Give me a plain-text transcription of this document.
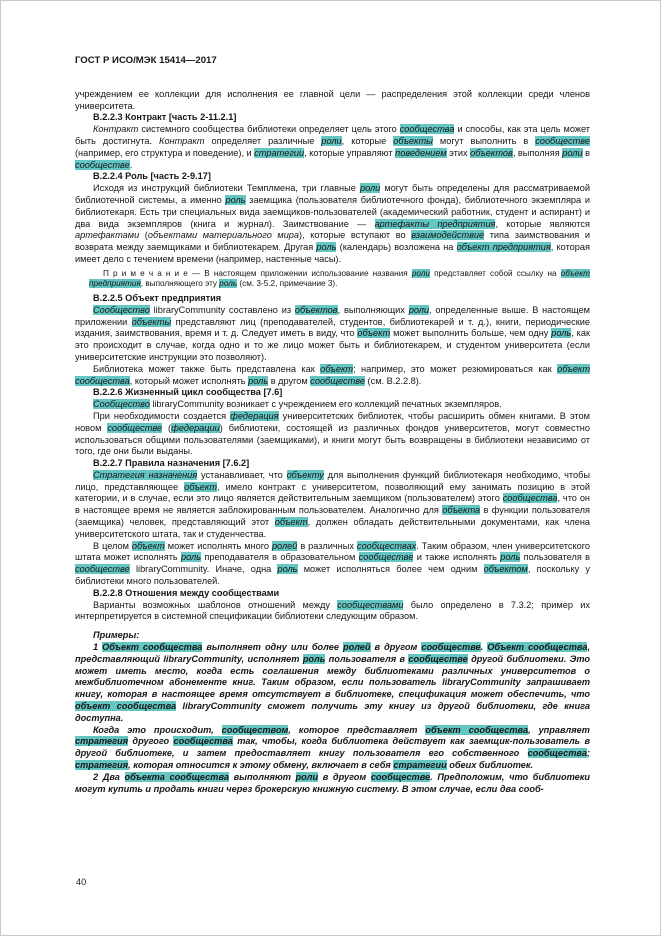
ГОСТ Р ИСО/МЭК 15414—2017

учреждением ее коллекции для исполнения ее главной цели — распределения этой коллекции среди членов университета.

В.2.2.3 Контракт [часть 2-11.2.1]

Контракт системного сообщества библиотеки определяет цель этого сообщества и способы, как эта цель может быть достигнута. Контракт определяет различные роли, которые объекты могут выполнить в сообществе (например, его структура и поведение), и стратегии, которые управляют поведением этих объектов, выполняя роли в сообществе.

В.2.2.4 Роль [часть 2-9.17]

Исходя из инструкций библиотеки Темплмена, три главные роли могут быть определены для рассматриваемой библиотечной системы, а именно роль заемщика (пользователя библиотечного фонда), библиотечного экземпляра и библиотекаря. Есть три специальных вида заемщиков-пользователей (академический работник, студент и аспирант) и два вида экземпляров (книга и журнал). Заимствование — артефакты предприятия, которые являются артефактами (объектами материального мира), которые вступают во взаимодействие типа заимствования и возврата между заемщиками и библиотекарем. Другая роль (календарь) возложена на объект предприятия, которая имеет дело с течением времени (например, настенные часы).

П р и м е ч а н и е — В настоящем приложении использование названия роли представляет собой ссылку на объект предприятия, выполняющего эту роль (см. 3-5.2, примечание 3).

В.2.2.5 Объект предприятия

Сообщество libraryCommunity составлено из объектов, выполняющих роли, определенные выше. В настоящем приложении объекты представляют лиц (преподавателей, студентов, библиотекарей и т. д.), книги, периодические издания, заимствования, время и т. д. Следует иметь в виду, что объект может выполнить больше, чем одну роль, как это происходит в случае, когда одно и то же лицо может быть и библиотекарем, и студентом университета (если университетские инструкции это позволяют).

Библиотека может также быть представлена как объект; например, это может резюмироваться как объект сообщества, который может исполнять роль в другом сообществе (см. В.2.2.8).

В.2.2.6 Жизненный цикл сообщества [7.6]

Сообщество libraryCommunity возникает с учреждением его коллекций печатных экземпляров.

При необходимости создается федерация университетских библиотек, чтобы расширить обмен книгами. В этом новом сообществе (федерации) библиотеки, состоящей из различных фондов университетов, могут совместно использоваться общими пользователями (заемщиками), и книги могут быть возвращены в библиотеки независимо от того, где они были выданы.

В.2.2.7 Правила назначения [7.6.2]

Стратегия назначения устанавливает, что объекту для выполнения функций библиотекаря необходимо, чтобы лицо, представляющее объект, имело контракт с университетом, позволяющий ему занимать позицию в этой категории, и в случае, если это лицо является действительным заемщиком (пользователем) этого сообщества, что он в настоящее время не является заблокированным пользователем. Аналогично для объекта в функции пользователя (заемщика) человек, представляющий этот объект, должен обладать действительными документами, как члена университетского штата, так и студенчества.

В целом объект может исполнять много ролей в различных сообществах. Таким образом, член университетского штата может исполнять роль преподавателя в образовательном сообществе и также исполнять роль пользователя в сообществе libraryCommunity. Иначе, одна роль может исполняться более чем одним объектом, поскольку у библиотеки много пользователей.

В.2.2.8 Отношения между сообществами

Варианты возможных шаблонов отношений между сообществами было определено в 7.3.2; пример их интерпретируется в системной спецификации библиотеки следующим образом.

Примеры:

1 Объект сообщества выполняет одну или более ролей в другом сообществе. Объект сообщества, представляющий libraryCommunity, исполняет роль пользователя в сообществе другой библиотеки. Это может иметь место, когда есть соглашения между библиотеками различных университетов о межбиблиотечном абонементе книг. Таким образом, если пользователь libraryCommunity запрашивает книгу, которая в настоящее время отсутствует в библиотеке, спецификация может обеспечить, что объект сообщества libraryCommunity сможет получить эту книгу из другой библиотеки, где книга доступна.

Когда это происходит, сообществом, которое представляет объект сообщества, управляет стратегия другого сообщества так, чтобы, когда библиотека действует как заемщик-пользователь в другой библиотеке, и затем предоставляет книгу пользователя его собственного сообщества; стратегия, которая относится к этому обмену, включает в себя стратегии обеих библиотек.

2 Два объекта сообщества выполняют роли в другом сообществе. Предположим, что библиотеки могут купить и продать книги через брокерскую книжную систему. В этом случае, если два сооб-

40
